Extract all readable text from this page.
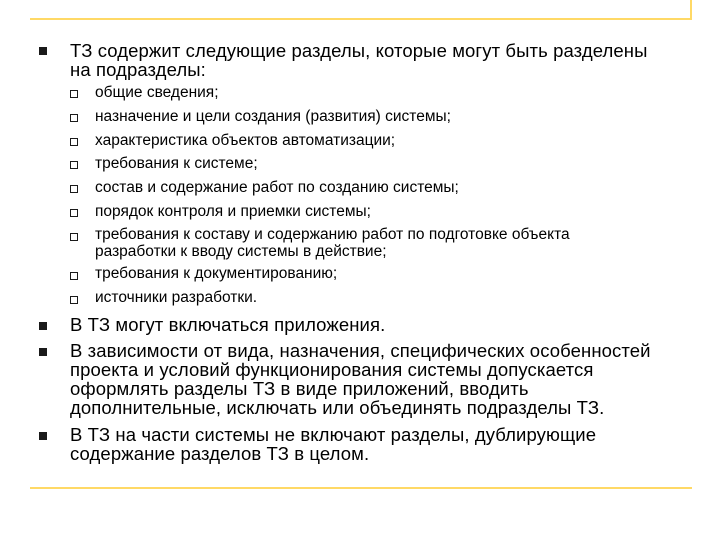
ТЗ содержит следующие разделы, которые могут быть разделены на подразделы:
общие сведения;
назначение и цели создания (развития) системы;
характеристика объектов автоматизации;
требования к системе;
состав и содержание работ по созданию системы;
порядок контроля и приемки системы;
требования к составу и содержанию работ по подготовке объекта разработки к вводу системы в действие;
требования к документированию;
источники разработки.
В ТЗ могут включаться приложения.
В зависимости от вида, назначения, специфических особенностей проекта и условий функционирования системы допускается оформлять разделы ТЗ в виде приложений, вводить дополнительные, исключать или объединять подразделы ТЗ.
В ТЗ на части системы не включают разделы, дублирующие содержание разделов ТЗ в целом.
